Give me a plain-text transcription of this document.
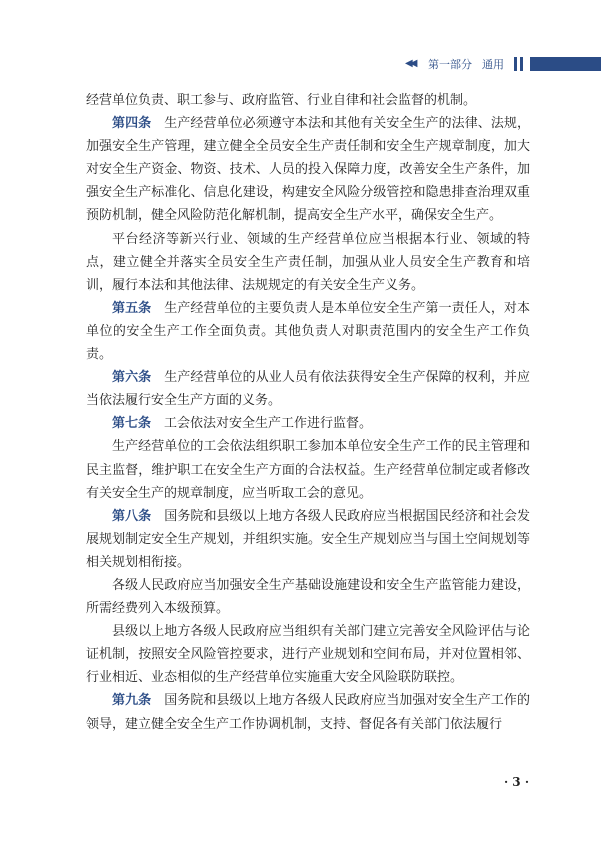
◀◀ 第一部分 通用

经营单位负责、职工参与、政府监管、行业自律和社会监督的机制。

第四条 生产经营单位必须遵守本法和其他有关安全生产的法律、法规，加强安全生产管理，建立健全全员安全生产责任制和安全生产规章制度，加大对安全生产资金、物资、技术、人员的投入保障力度，改善安全生产条件，加强安全生产标准化、信息化建设，构建安全风险分级管控和隐患排查治理双重预防机制，健全风险防范化解机制，提高安全生产水平，确保安全生产。

平台经济等新兴行业、领域的生产经营单位应当根据本行业、领域的特点，建立健全并落实全员安全生产责任制，加强从业人员安全生产教育和培训，履行本法和其他法律、法规规定的有关安全生产义务。

第五条 生产经营单位的主要负责人是本单位安全生产第一责任人，对本单位的安全生产工作全面负责。其他负责人对职责范围内的安全生产工作负责。

第六条 生产经营单位的从业人员有依法获得安全生产保障的权利，并应当依法履行安全生产方面的义务。

第七条 工会依法对安全生产工作进行监督。

生产经营单位的工会依法组织职工参加本单位安全生产工作的民主管理和民主监督，维护职工在安全生产方面的合法权益。生产经营单位制定或者修改有关安全生产的规章制度，应当听取工会的意见。

第八条 国务院和县级以上地方各级人民政府应当根据国民经济和社会发展规划制定安全生产规划，并组织实施。安全生产规划应当与国土空间规划等相关规划相衔接。

各级人民政府应当加强安全生产基础设施建设和安全生产监管能力建设，所需经费列入本级预算。

县级以上地方各级人民政府应当组织有关部门建立完善安全风险评估与论证机制，按照安全风险管控要求，进行产业规划和空间布局，并对位置相邻、行业相近、业态相似的生产经营单位实施重大安全风险联防联控。

第九条 国务院和县级以上地方各级人民政府应当加强对安全生产工作的领导，建立健全安全生产工作协调机制，支持、督促各有关部门依法履行

· 3 ·
